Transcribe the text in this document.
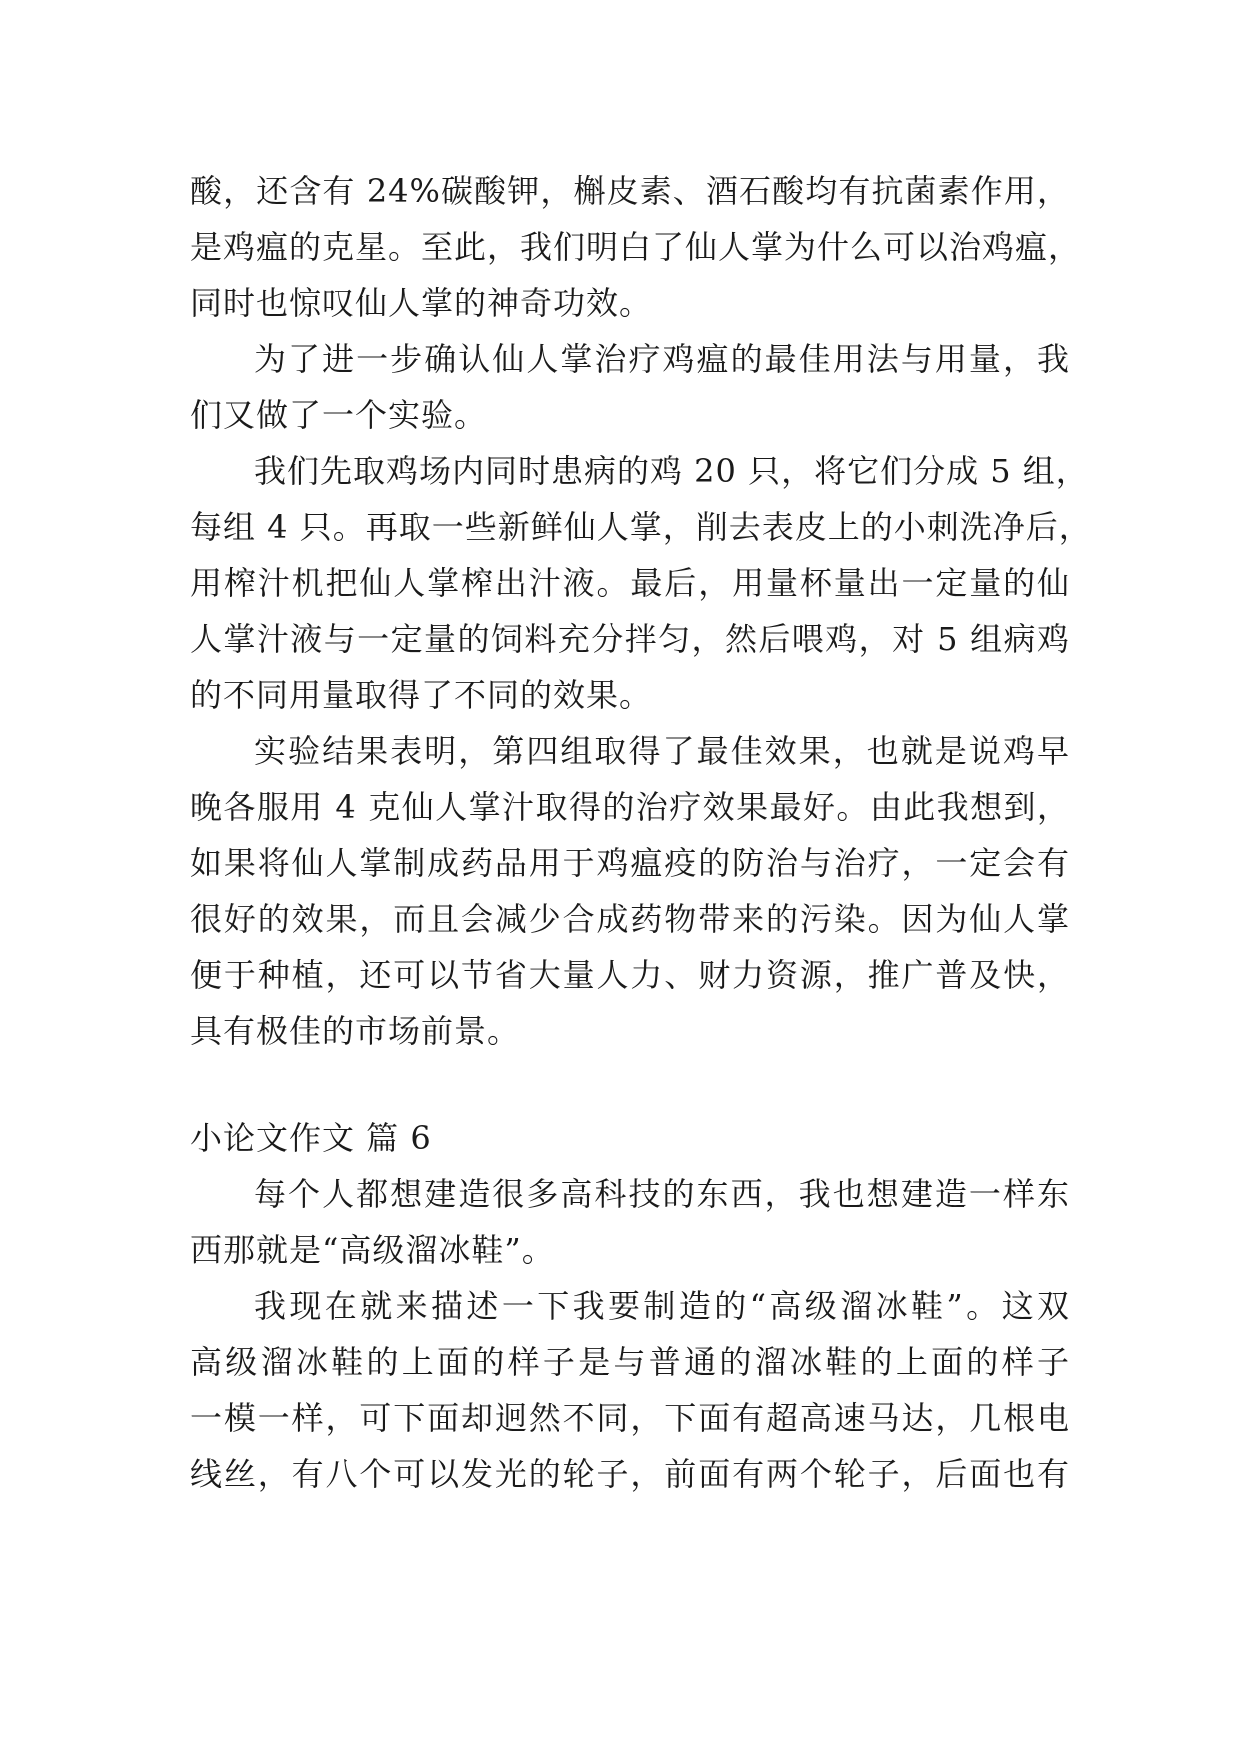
酸，还含有 24%碳酸钾，槲皮素、酒石酸均有抗菌素作用，
是鸡瘟的克星。至此，我们明白了仙人掌为什么可以治鸡瘟，
同时也惊叹仙人掌的神奇功效。
为了进一步确认仙人掌治疗鸡瘟的最佳用法与用量，我
们又做了一个实验。
我们先取鸡场内同时患病的鸡 20 只，将它们分成 5 组，
每组 4 只。再取一些新鲜仙人掌，削去表皮上的小刺洗净后，
用榨汁机把仙人掌榨出汁液。最后，用量杯量出一定量的仙
人掌汁液与一定量的饲料充分拌匀，然后喂鸡，对 5 组病鸡
的不同用量取得了不同的效果。
实验结果表明，第四组取得了最佳效果，也就是说鸡早
晚各服用 4 克仙人掌汁取得的治疗效果最好。由此我想到，
如果将仙人掌制成药品用于鸡瘟疫的防治与治疗，一定会有
很好的效果，而且会减少合成药物带来的污染。因为仙人掌
便于种植，还可以节省大量人力、财力资源，推广普及快，
具有极佳的市场前景。
小论文作文 篇 6
每个人都想建造很多高科技的东西，我也想建造一样东
西那就是“高级溜冰鞋”。
我现在就来描述一下我要制造的“高级溜冰鞋”。这双
高级溜冰鞋的上面的样子是与普通的溜冰鞋的上面的样子
一模一样，可下面却迥然不同，下面有超高速马达，几根电
线丝，有八个可以发光的轮子，前面有两个轮子，后面也有
